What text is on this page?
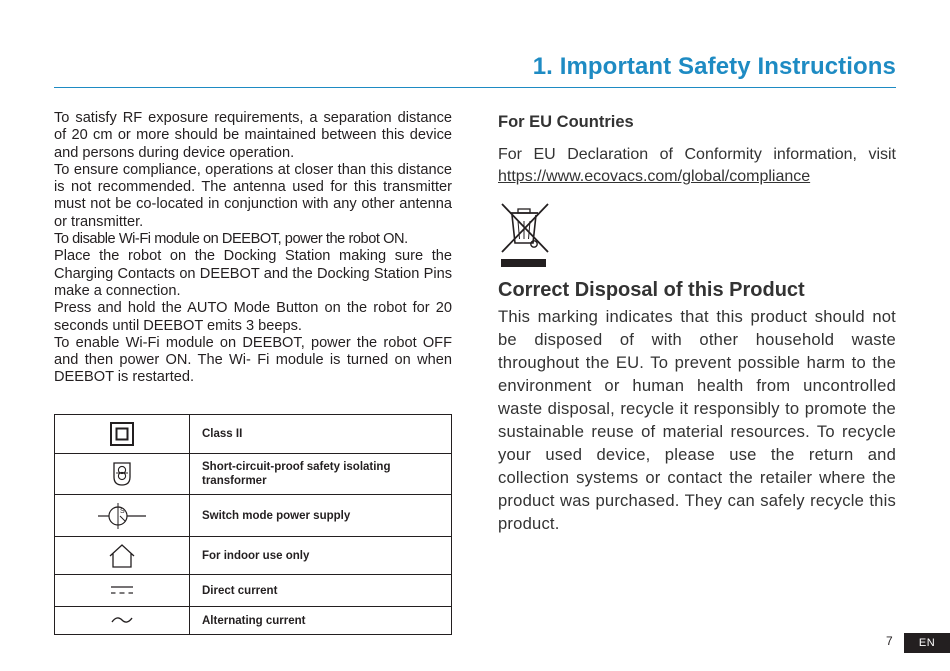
1. Important Safety Instructions

To satisfy RF exposure requirements, a separation distance of 20 cm or more should be maintained between this device and persons during device operation.

To ensure compliance, operations at closer than this distance is not recommended. The antenna used for this transmitter must not be co-located in conjunction with any other antenna or transmitter.

To disable Wi-Fi module on DEEBOT, power the robot ON.

Place the robot on the Docking Station making sure the Charging Contacts on DEEBOT and the Docking Station Pins make a connection.

Press and hold the AUTO Mode Button on the robot for 20 seconds until DEEBOT emits 3 beeps.

To enable Wi-Fi module on DEEBOT, power the robot OFF and then power ON. The Wi- Fi module is turned on when DEEBOT is restarted.

	Class II
	Short-circuit-proof safety isolating transformer

S	Switch mode power supply
	For indoor use only
	Direct current
	Alternating current
For EU Countries

For EU Declaration of Conformity information, visit https://www.ecovacs.com/global/compliance

Correct Disposal of this Product

This marking indicates that this product should not be disposed of with other household waste throughout the EU. To prevent possible harm to the environment or human health from uncontrolled waste disposal, recycle it responsibly to promote the sustainable reuse of material resources. To recycle your used device, please use the return and collection systems or contact the retailer where the product was purchased. They can safely recycle this product.

7	EN
